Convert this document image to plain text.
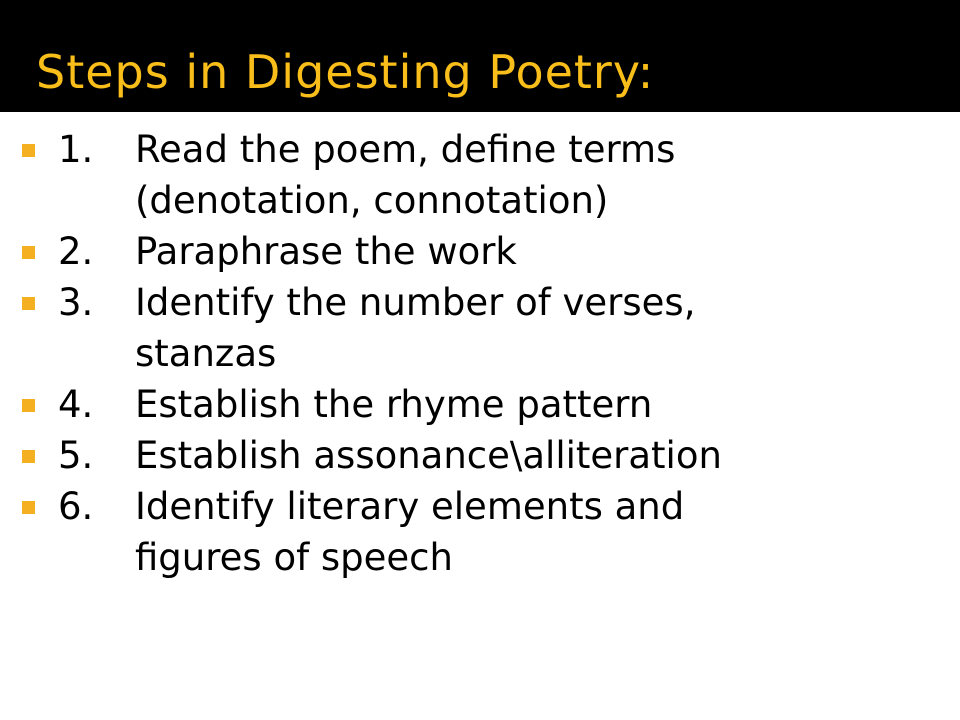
Steps in Digesting Poetry:
1.	Read the poem, define terms
(denotation, connotation)
2.	Paraphrase the work
3.	Identify the number of verses,
stanzas
4.	Establish the rhyme pattern
5.	Establish assonance\alliteration
6.	Identify literary elements and
figures of speech
